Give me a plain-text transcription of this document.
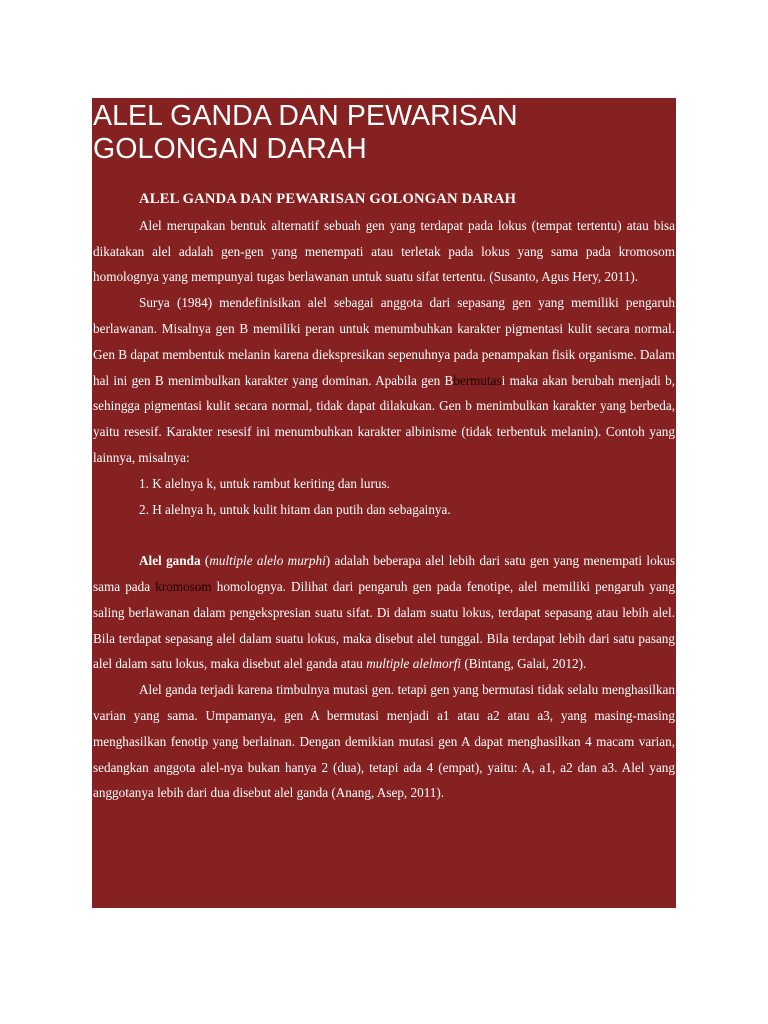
ALEL GANDA DAN PEWARISAN
GOLONGAN DARAH

ALEL GANDA DAN PEWARISAN GOLONGAN DARAH

Alel merupakan bentuk alternatif sebuah gen yang terdapat pada lokus (tempat tertentu) atau bisa dikatakan alel adalah gen-gen yang menempati atau terletak pada lokus yang sama pada kromosom homolognya yang mempunyai tugas berlawanan untuk suatu sifat tertentu. (Susanto, Agus Hery, 2011).

Surya (1984) mendefinisikan alel sebagai anggota dari sepasang gen yang memiliki pengaruh berlawanan. Misalnya gen B memiliki peran untuk menumbuhkan karakter pigmentasi kulit secara normal. Gen B dapat membentuk melanin karena diekspresikan sepenuhnya pada penampakan fisik organisme. Dalam hal ini gen B menimbulkan karakter yang dominan. Apabila gen Bbermutasi maka akan berubah menjadi b, sehingga pigmentasi kulit secara normal, tidak dapat dilakukan. Gen b menimbulkan karakter yang berbeda, yaitu resesif. Karakter resesif ini menumbuhkan karakter albinisme (tidak terbentuk melanin). Contoh yang lainnya, misalnya:

1. K alelnya k, untuk rambut keriting dan lurus.

2. H alelnya h, untuk kulit hitam dan putih dan sebagainya.

Alel ganda (multiple alelo murphi) adalah beberapa alel lebih dari satu gen yang menempati lokus sama pada kromosom homolognya. Dilihat dari pengaruh gen pada fenotipe, alel memiliki pengaruh yang saling berlawanan dalam pengekspresian suatu sifat. Di dalam suatu lokus, terdapat sepasang atau lebih alel. Bila terdapat sepasang alel dalam suatu lokus, maka disebut alel tunggal. Bila terdapat lebih dari satu pasang alel dalam satu lokus, maka disebut alel ganda atau multiple alelmorfi (Bintang, Galai, 2012).

Alel ganda terjadi karena timbulnya mutasi gen. tetapi gen yang bermutasi tidak selalu menghasilkan varian yang sama. Umpamanya, gen A bermutasi menjadi a1 atau a2 atau a3, yang masing-masing menghasilkan fenotip yang berlainan. Dengan demikian mutasi gen A dapat menghasilkan 4 macam varian, sedangkan anggota alel-nya bukan hanya 2 (dua), tetapi ada 4 (empat), yaitu: A, a1, a2 dan a3. Alel yang anggotanya lebih dari dua disebut alel ganda (Anang, Asep, 2011).
